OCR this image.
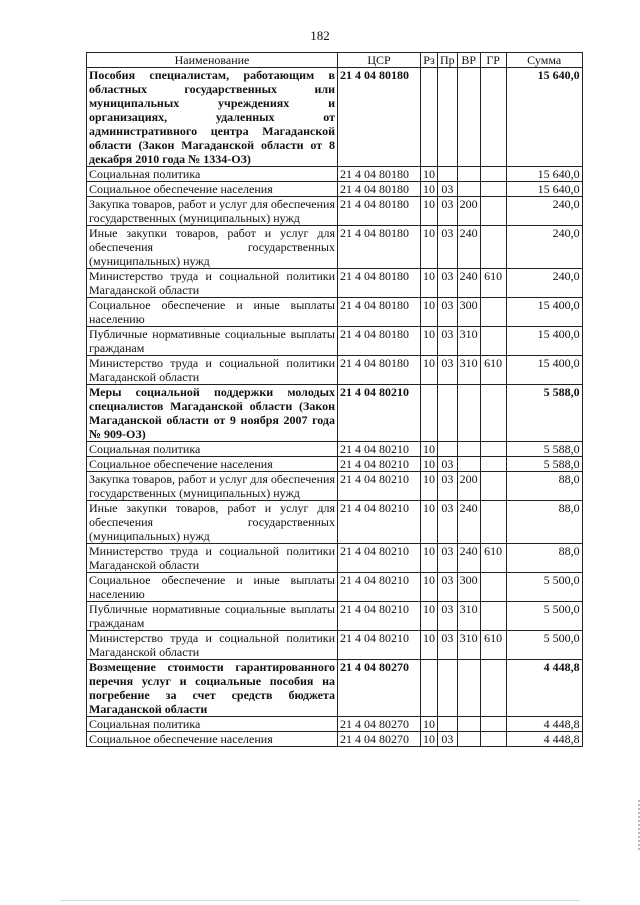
182
Наименование	ЦСР	Рз	Пр	ВР	ГР	Сумма
Пособия специалистам, работающим в областных государственных или муниципальных учреждениях и организациях, удаленных от административного центра Магаданской области (Закон Магаданской области от 8 декабря 2010 года № 1334-ОЗ)	21 4 04 80180					15 640,0
Социальная политика	21 4 04 80180	10				15 640,0
Социальное обеспечение населения	21 4 04 80180	10	03			15 640,0
Закупка товаров, работ и услуг для обеспечения государственных (муниципальных) нужд	21 4 04 80180	10	03	200		240,0
Иные закупки товаров, работ и услуг для обеспечения государственных (муниципальных) нужд	21 4 04 80180	10	03	240		240,0
Министерство труда и социальной политики Магаданской области	21 4 04 80180	10	03	240	610	240,0
Социальное обеспечение и иные выплаты населению	21 4 04 80180	10	03	300		15 400,0
Публичные нормативные социальные выплаты гражданам	21 4 04 80180	10	03	310		15 400,0
Министерство труда и социальной политики Магаданской области	21 4 04 80180	10	03	310	610	15 400,0
Меры социальной поддержки молодых специалистов Магаданской области (Закон Магаданской области от 9 ноября 2007 года № 909-ОЗ)	21 4 04 80210					5 588,0
Социальная политика	21 4 04 80210	10				5 588,0
Социальное обеспечение населения	21 4 04 80210	10	03			5 588,0
Закупка товаров, работ и услуг для обеспечения государственных (муниципальных) нужд	21 4 04 80210	10	03	200		88,0
Иные закупки товаров, работ и услуг для обеспечения государственных (муниципальных) нужд	21 4 04 80210	10	03	240		88,0
Министерство труда и социальной политики Магаданской области	21 4 04 80210	10	03	240	610	88,0
Социальное обеспечение и иные выплаты населению	21 4 04 80210	10	03	300		5 500,0
Публичные нормативные социальные выплаты гражданам	21 4 04 80210	10	03	310		5 500,0
Министерство труда и социальной политики Магаданской области	21 4 04 80210	10	03	310	610	5 500,0
Возмещение стоимости гарантированного перечня услуг и социальные пособия на погребение за счет средств бюджета Магаданской области	21 4 04 80270					4 448,8
Социальная политика	21 4 04 80270	10				4 448,8
Социальное обеспечение населения	21 4 04 80270	10	03			4 448,8
